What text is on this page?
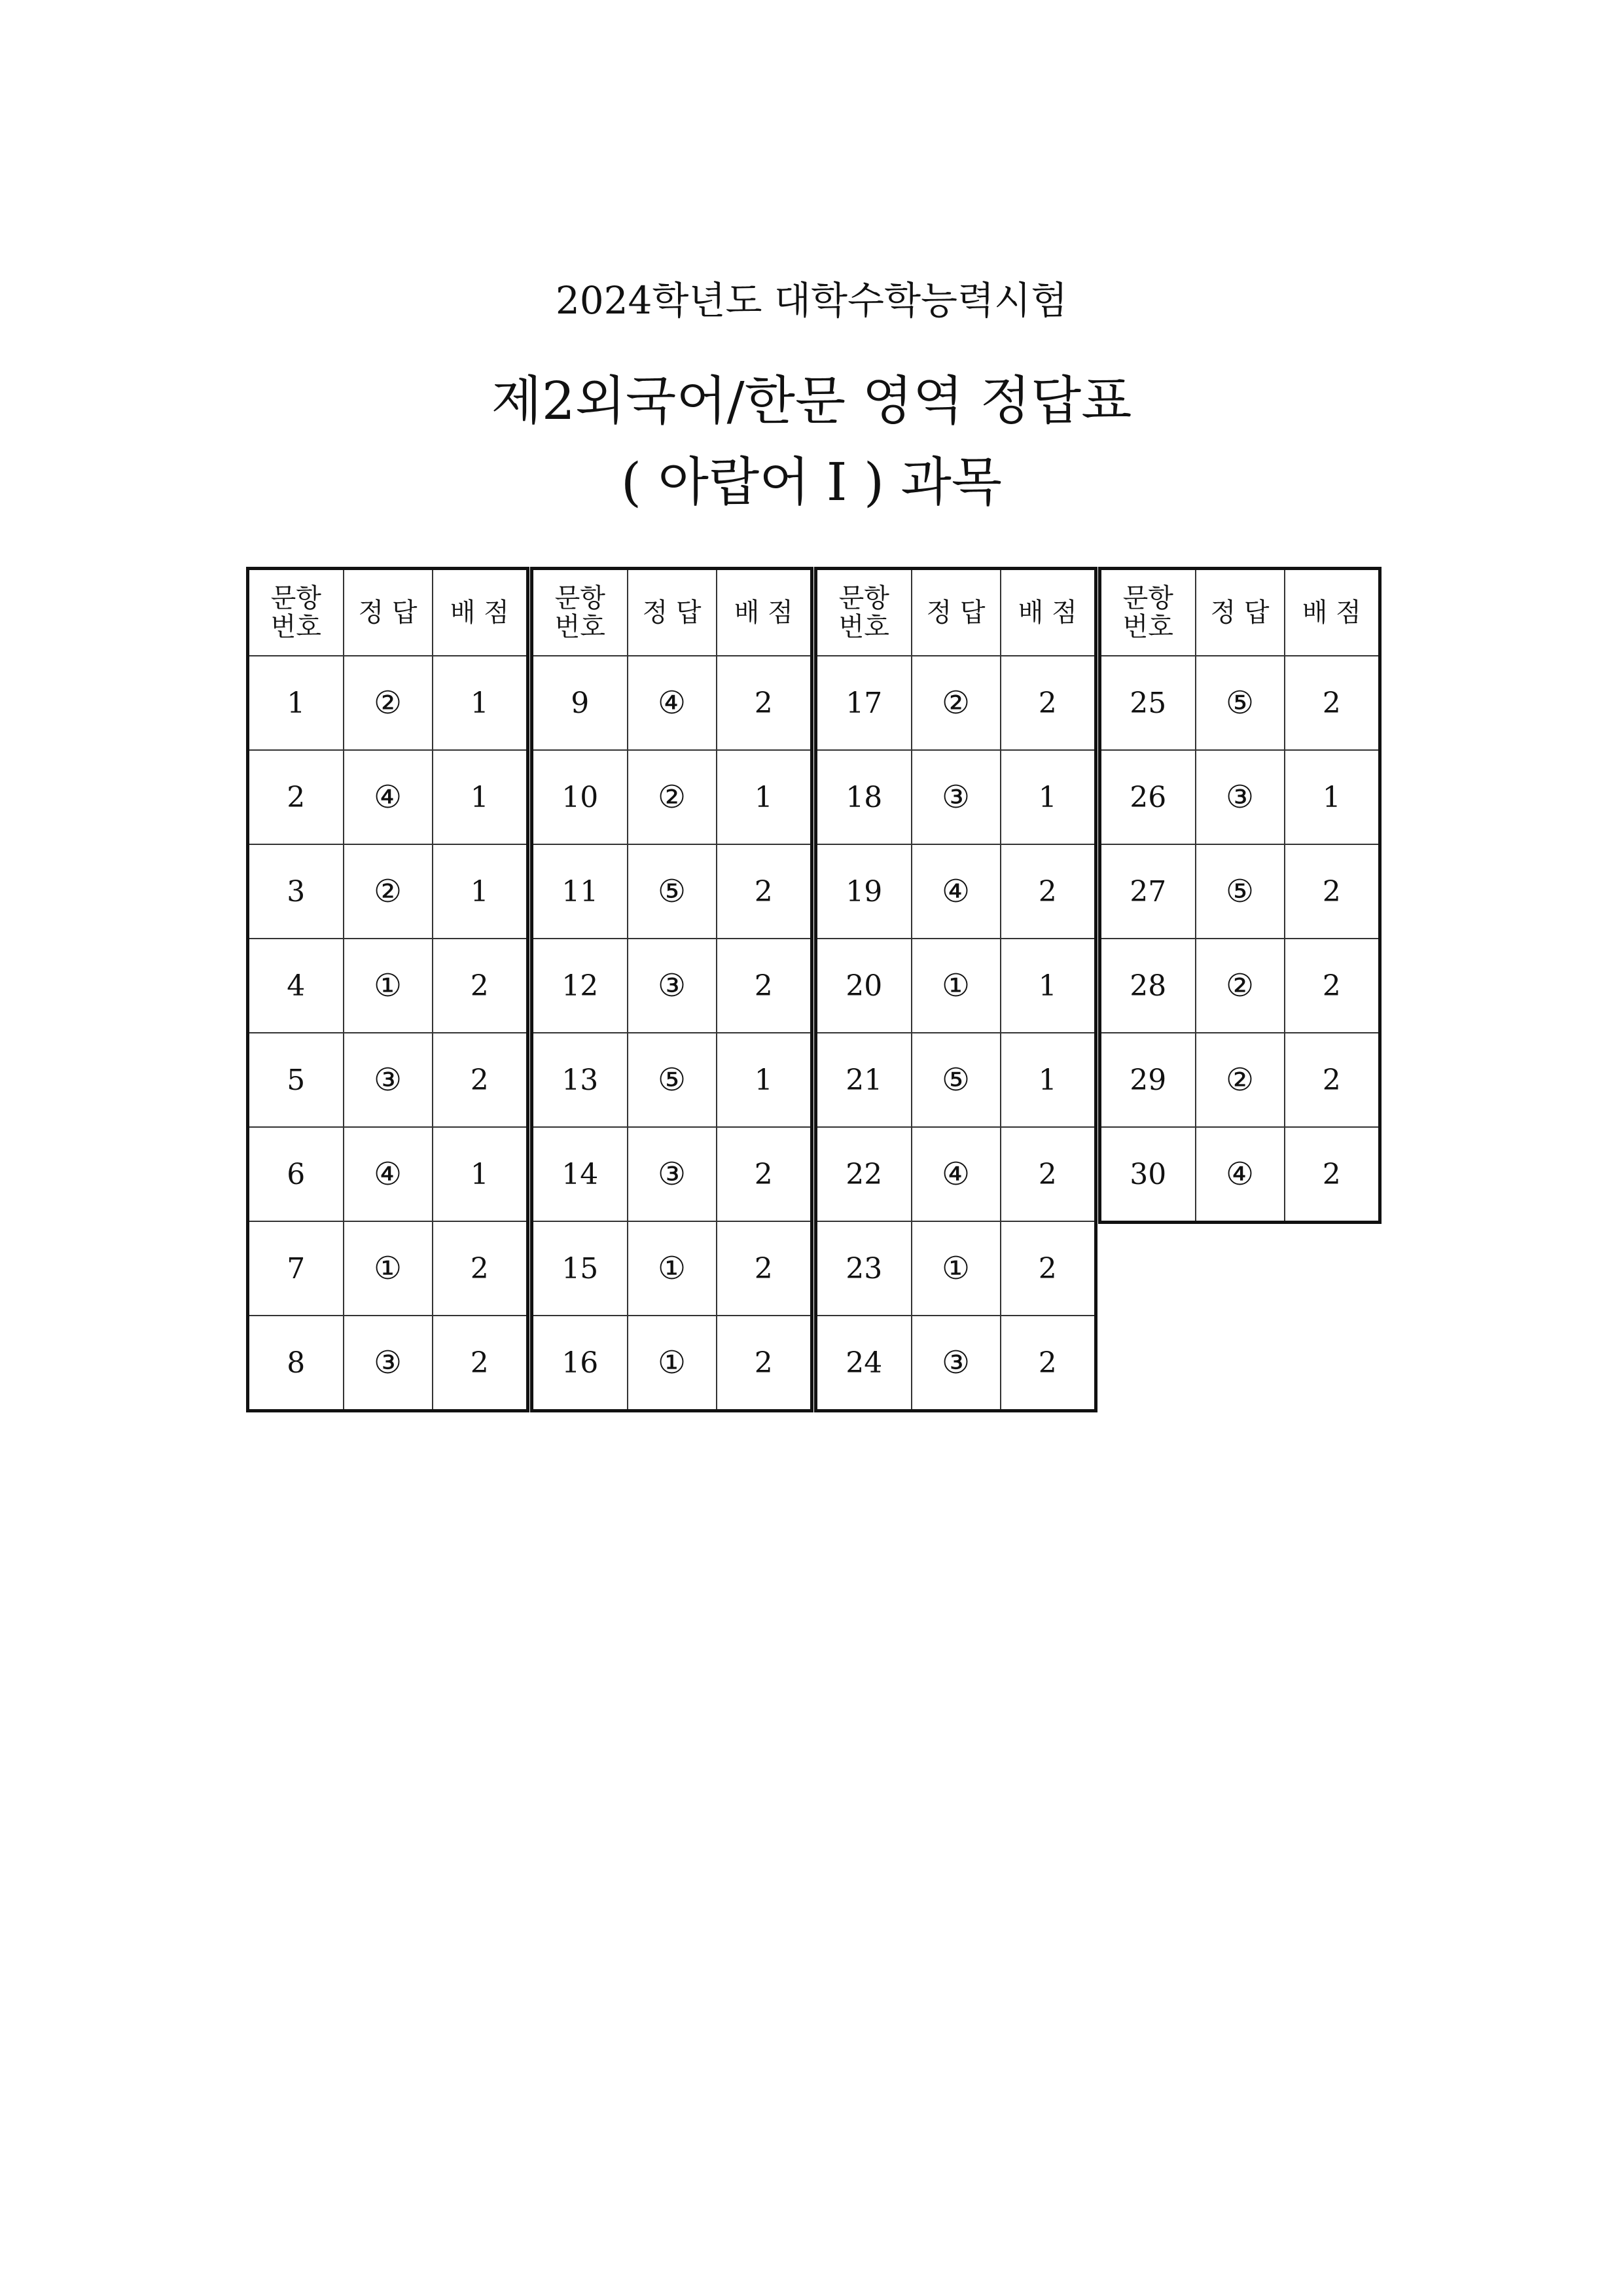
2024학년도 대학수학능력시험
제2외국어/한문 영역 정답표
( 아랍어 Ⅰ ) 과목
문항
번호	정 답	배 점
1	②	1
2	④	1
3	②	1
4	①	2
5	③	2
6	④	1
7	①	2
8	③	2
문항
번호	정 답	배 점
9	④	2
10	②	1
11	⑤	2
12	③	2
13	⑤	1
14	③	2
15	①	2
16	①	2
문항
번호	정 답	배 점
17	②	2
18	③	1
19	④	2
20	①	1
21	⑤	1
22	④	2
23	①	2
24	③	2
문항
번호	정 답	배 점
25	⑤	2
26	③	1
27	⑤	2
28	②	2
29	②	2
30	④	2
